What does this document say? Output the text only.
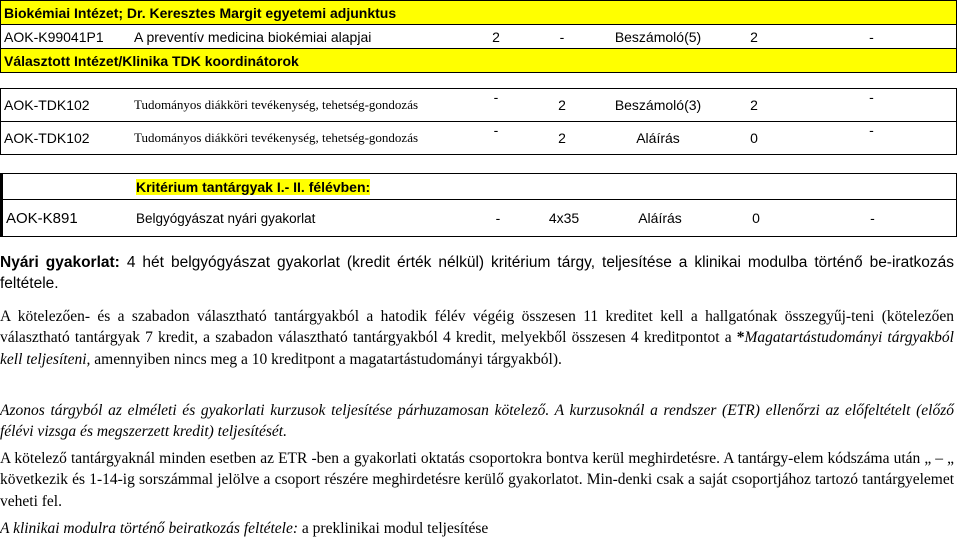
Biokémiai Intézet; Dr. Keresztes Margit egyetemi adjunktus
AOK-K99041P1	A preventív medicina biokémiai alapjai	2	-	Beszámoló(5)	2	-
Választott Intézet/Klinika TDK koordinátorok
AOK-TDK102	Tudományos diákköri tevékenység, tehetség-gondozás	-	2	Beszámoló(3)	2	-
AOK-TDK102	Tudományos diákköri tevékenység, tehetség-gondozás	-	2	Aláírás	0	-
	Kritérium tantárgyak I.- II. félévben:					
AOK-K891	Belgyógyászat nyári gyakorlat	-	4x35	Aláírás	0	-
Nyári gyakorlat: 4 hét belgyógyászat gyakorlat (kredit érték nélkül) kritérium tárgy, teljesítése a klinikai modulba történő be-iratkozás feltétele.
A kötelezően- és a szabadon választható tantárgyakból a hatodik félév végéig összesen 11 kreditet kell a hallgatónak összegyűj-teni (kötelezően választható tantárgyak 7 kredit, a szabadon választható tantárgyakból 4 kredit, melyekből összesen 4 kreditpontot a *Magatartástudományi tárgyakból kell teljesíteni, amennyiben nincs meg a 10 kreditpont a magatartástudományi tárgyakból).
Azonos tárgyból az elméleti és gyakorlati kurzusok teljesítése párhuzamosan kötelező. A kurzusoknál a rendszer (ETR) ellenőrzi az előfeltételt (előző félévi vizsga és megszerzett kredit) teljesítését.
A kötelező tantárgyaknál minden esetben az ETR -ben a gyakorlati oktatás csoportokra bontva kerül meghirdetésre. A tantárgy-elem kódszáma után „ – „ következik és 1-14-ig sorszámmal jelölve a csoport részére meghirdetésre kerülő gyakorlatot. Min-denki csak a saját csoportjához tartozó tantárgyelemet veheti fel.
A klinikai modulra történő beiratkozás feltétele: a preklinikai modul teljesítése
